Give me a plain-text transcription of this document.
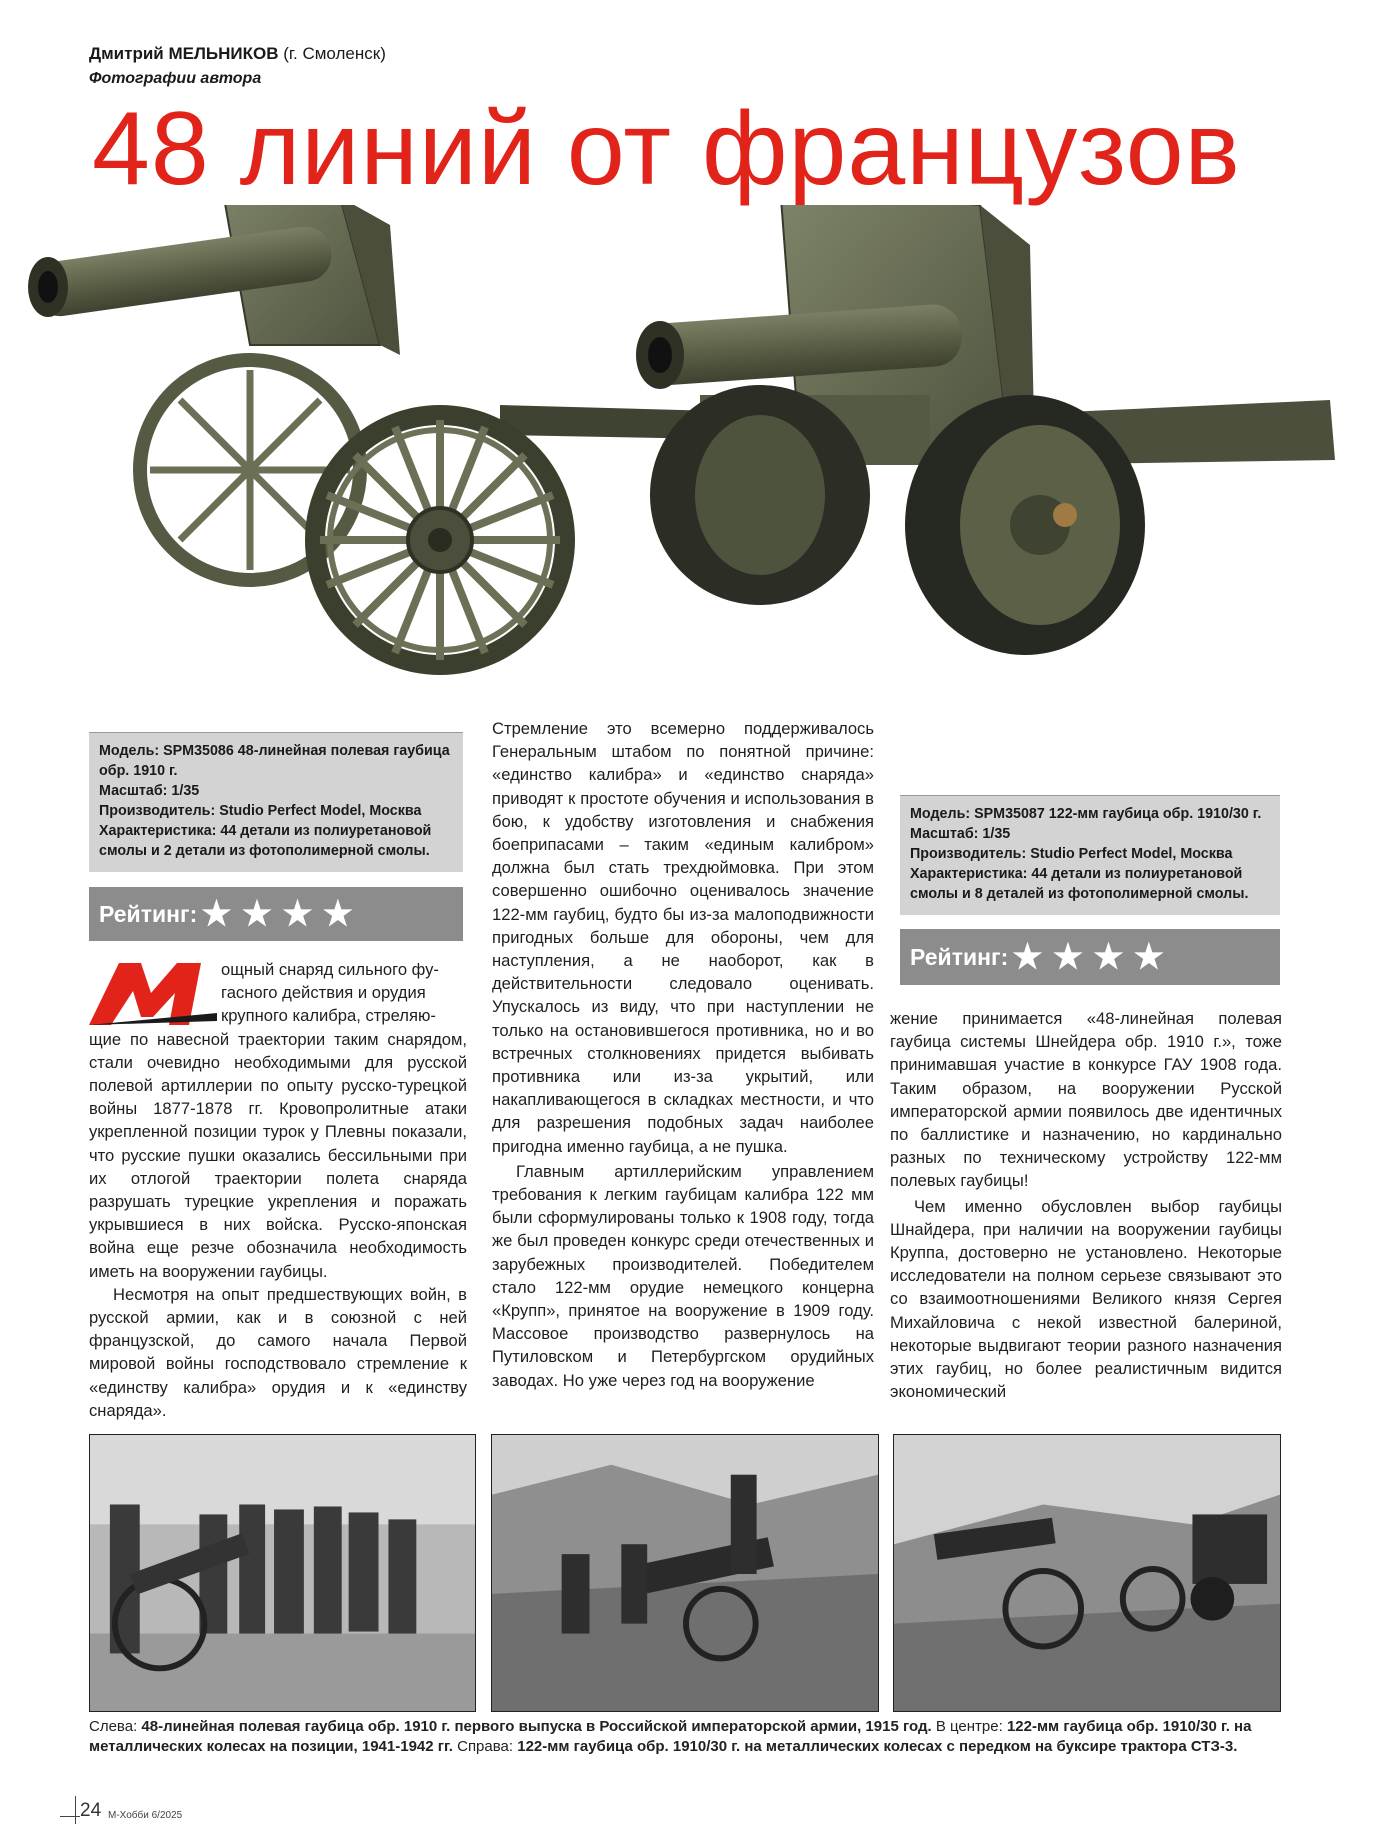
Дмитрий МЕЛЬНИКОВ (г. Смоленск)
Фотографии автора
48 линий от французов
Модель: SPM35086 48-линейная полевая гаубица
обр. 1910 г.
Масштаб: 1/35
Производитель: Studio Perfect Model, Москва
Характеристика: 44 детали из полиуретановой
смолы и 2 детали из фотополимерной смолы.
Рейтинг: ★★★★
Модель: SPM35087 122-мм гаубица обр. 1910/30 г.
Масштаб: 1/35
Производитель: Studio Perfect Model, Москва
Характеристика: 44 детали из полиуретановой
смолы и 8 деталей из фотополимерной смолы.
Рейтинг: ★★★★
ощный снаряд сильного фу-
гасного действия и орудия
крупного калибра, стреляю-

щие по навесной траектории таким снарядом, стали очевидно необходимыми для русской полевой артиллерии по опыту русско-турецкой войны 1877-1878 гг. Кровопролитные атаки укрепленной позиции турок у Плевны показали, что русские пушки оказались бессильными при их отлогой траектории полета снаряда разрушать турецкие укрепления и поражать укрывшиеся в них войска. Русско-японская война еще резче обозначила необходимость иметь на вооружении гаубицы.

Несмотря на опыт предшествующих войн, в русской армии, как и в союзной с ней французской, до самого начала Первой мировой войны господствовало стремление к «единству калибра» орудия и к «единству снаряда».

Стремление это всемерно поддерживалось Генеральным штабом по понятной причине: «единство калибра» и «единство снаряда» приводят к простоте обучения и использования в бою, к удобству изготовления и снабжения боеприпасами – таким «единым калибром» должна был стать трехдюймовка. При этом совершенно ошибочно оценивалось значение 122-мм гаубиц, будто бы из-за малоподвижности пригодных больше для обороны, чем для наступления, а не наоборот, как в действительности следовало оценивать. Упускалось из виду, что при наступлении не только на остановившегося противника, но и во встречных столкновениях придется выбивать противника или из-за укрытий, или накапливающегося в складках местности, и что для разрешения подобных задач наиболее пригодна именно гаубица, а не пушка.

Главным артиллерийским управлением требования к легким гаубицам калибра 122 мм были сформулированы только к 1908 году, тогда же был проведен конкурс среди отечественных и зарубежных производителей. Победителем стало 122-мм орудие немецкого концерна «Крупп», принятое на вооружение в 1909 году. Массовое производство развернулось на Путиловском и Петербургском орудийных заводах. Но уже через год на вооружение

жение принимается «48-линейная полевая гаубица системы Шнейдера обр. 1910 г.», тоже принимавшая участие в конкурсе ГАУ 1908 года. Таким образом, на вооружении Русской императорской армии появилось две идентичных по баллистике и назначению, но кардинально разных по техническому устройству 122-мм полевых гаубицы!

Чем именно обусловлен выбор гаубицы Шнайдера, при наличии на вооружении гаубицы Круппа, достоверно не установлено. Некоторые исследователи на полном серьезе связывают это со взаимоотношениями Великого князя Сергея Михайловича с некой известной балериной, некоторые выдвигают теории разного назначения этих гаубиц, но более реалистичным видится экономический

Слева: 48-линейная полевая гаубица обр. 1910 г. первого выпуска в Российской императорской армии, 1915 год. В центре: 122-мм гаубица обр. 1910/30 г. на металлических колесах на позиции, 1941-1942 гг. Справа: 122-мм гаубица обр. 1910/30 г. на металлических колесах с передком на буксире трактора СТЗ-3.
24 М-Хобби 6/2025
